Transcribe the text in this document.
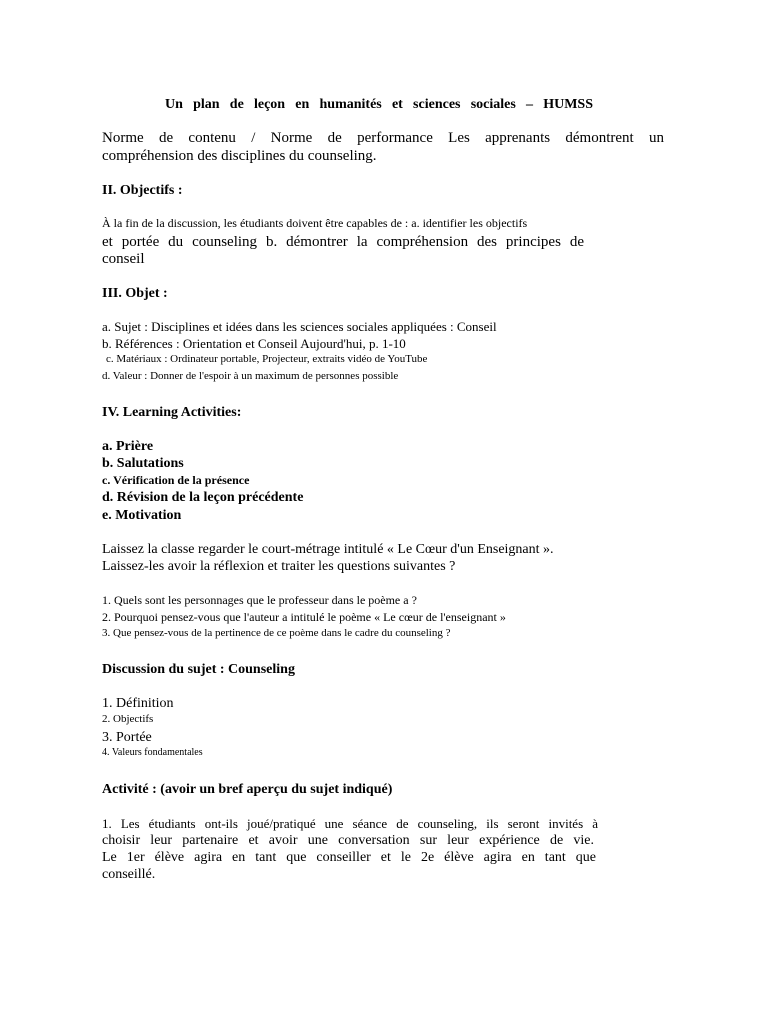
Un plan de leçon en humanités et sciences sociales – HUMSS
Norme de contenu / Norme de performance Les apprenants démontrent un
compréhension des disciplines du counseling.
II. Objectifs :
À la fin de la discussion, les étudiants doivent être capables de : a. identifier les objectifs
et portée du counseling b. démontrer la compréhension des principes de
conseil
III. Objet :
a. Sujet : Disciplines et idées dans les sciences sociales appliquées : Conseil
b. Références : Orientation et Conseil Aujourd'hui, p. 1-10
c. Matériaux : Ordinateur portable, Projecteur, extraits vidéo de YouTube
d. Valeur : Donner de l'espoir à un maximum de personnes possible
IV. Learning Activities:
a. Prière
b. Salutations
c. Vérification de la présence
d. Révision de la leçon précédente
e. Motivation
Laissez la classe regarder le court-métrage intitulé « Le Cœur d'un Enseignant ».
Laissez-les avoir la réflexion et traiter les questions suivantes ?
1. Quels sont les personnages que le professeur dans le poème a ?
2. Pourquoi pensez-vous que l'auteur a intitulé le poème « Le cœur de l'enseignant »
3. Que pensez-vous de la pertinence de ce poème dans le cadre du counseling ?
Discussion du sujet : Counseling
1. Définition
2. Objectifs
3. Portée
4. Valeurs fondamentales
Activité : (avoir un bref aperçu du sujet indiqué)
1. Les étudiants ont-ils joué/pratiqué une séance de counseling, ils seront invités à
choisir leur partenaire et avoir une conversation sur leur expérience de vie.
Le 1er élève agira en tant que conseiller et le 2e élève agira en tant que
conseillé.
